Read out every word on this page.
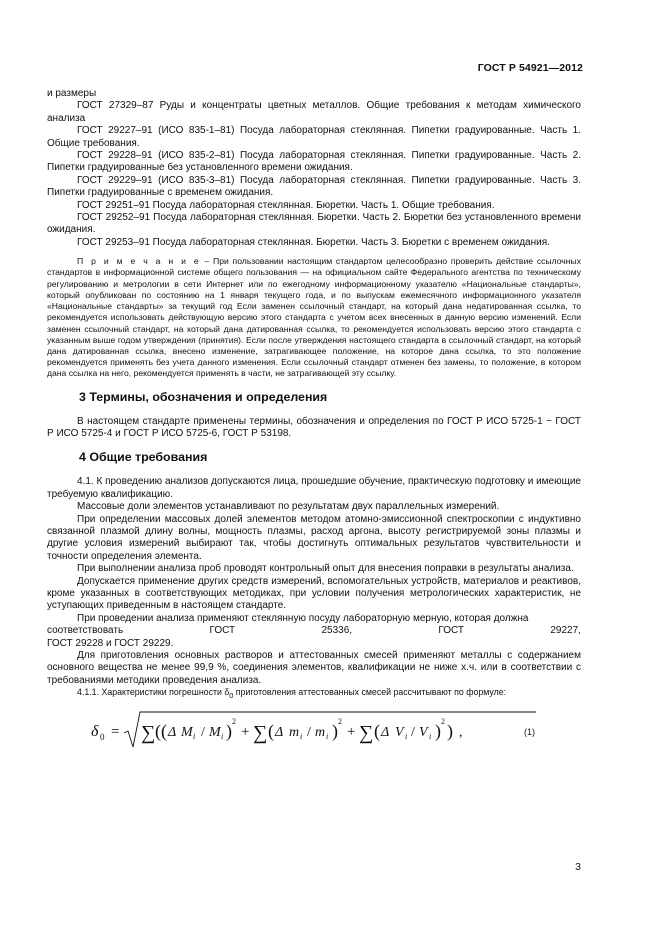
ГОСТ Р 54921—2012

и размеры

ГОСТ 27329–87 Руды и концентраты цветных металлов. Общие требования к методам химического анализа

ГОСТ 29227–91 (ИСО 835-1–81) Посуда лабораторная стеклянная. Пипетки градуированные. Часть 1. Общие требования.

ГОСТ 29228–91 (ИСО 835-2–81) Посуда лабораторная стеклянная. Пипетки градуированные. Часть 2. Пипетки градуированные без установленного времени ожидания.

ГОСТ 29229–91 (ИСО 835-3–81) Посуда лабораторная стеклянная. Пипетки градуированные. Часть 3. Пипетки градуированные с временем ожидания.

ГОСТ 29251–91 Посуда лабораторная стеклянная. Бюретки. Часть 1. Общие требования.

ГОСТ 29252–91 Посуда лабораторная стеклянная. Бюретки. Часть 2. Бюретки без установленного времени ожидания.

ГОСТ 29253–91 Посуда лабораторная стеклянная. Бюретки. Часть 3. Бюретки с временем ожидания.

П р и м е ч а н и е – При пользовании настоящим стандартом целесообразно проверить действие ссылочных стандартов в информационной системе общего пользования — на официальном сайте Федерального агентства по техническому регулированию и метрологии в сети Интернет или по ежегодному информационному указателю «Национальные стандарты», который опубликован по состоянию на 1 января текущего года, и по выпускам ежемесячного информационного указателя «Национальные стандарты» за текущий год Если заменен ссылочный стандарт, на который дана недатированная ссылка, то рекомендуется использовать действующую версию этого стандарта с учетом всех внесенных в данную версию изменений. Если заменен ссылочный стандарт, на который дана датированная ссылка, то рекомендуется использовать версию этого стандарта с указанным выше годом утверждения (принятия). Если после утверждения настоящего стандарта в ссылочный стандарт, на который дана датированная ссылка, внесено изменение, затрагивающее положение, на которое дана ссылка, то это положение рекомендуется применять без учета данного изменения. Если ссылочный стандарт отменен без замены, то положение, в котором дана ссылка на него, рекомендуется применять в части, не затрагивающей эту ссылку.

3 Термины, обозначения и определения

В настоящем стандарте применены термины, обозначения и определения по ГОСТ Р ИСО 5725-1 − ГОСТ Р ИСО 5725-4 и ГОСТ Р ИСО 5725-6, ГОСТ Р 53198.

4 Общие требования

4.1. К проведению анализов допускаются лица, прошедшие обучение, практическую подготовку и имеющие требуемую квалификацию.

Массовые доли элементов устанавливают по результатам двух параллельных измерений.

При определении массовых долей элементов методом атомно-эмиссионной спектроскопии с индуктивно связанной плазмой длину волны, мощность плазмы, расход аргона, высоту регистрируемой зоны плазмы и другие условия измерений выбирают так, чтобы достигнуть оптимальных результатов чувствительности и точности определения элемента.

При выполнении анализа проб проводят контрольный опыт для внесения поправки в результаты анализа.

Допускается применение других средств измерений, вспомогательных устройств, материалов и реактивов, кроме указанных в соответствующих методиках, при условии получения метрологических характеристик, не уступающих приведенным в настоящем стандарте.

При проведении анализа применяют стеклянную посуду лабораторную мерную, которая должна

соответствовать	ГОСТ	25336,	ГОСТ	29227,

ГОСТ 29228 и ГОСТ 29229.

Для приготовления основных растворов и аттестованных смесей применяют металлы с содержанием основного вещества не менее 99,9 %, соединения элементов, квалификации не ниже х.ч. или в соответствии с требованиями методики проведения анализа.

4.1.1. Характеристики погрешности $\delta_0$ приготовления аттестованных смесей рассчитывают по формуле:

δ 0 = ∑ ( ( Δ M i / M i ) 2
+ ∑ ( Δ m i / m i ) 2
+ ∑ ( Δ V i / V i ) 2 ) ,	(1)
3
